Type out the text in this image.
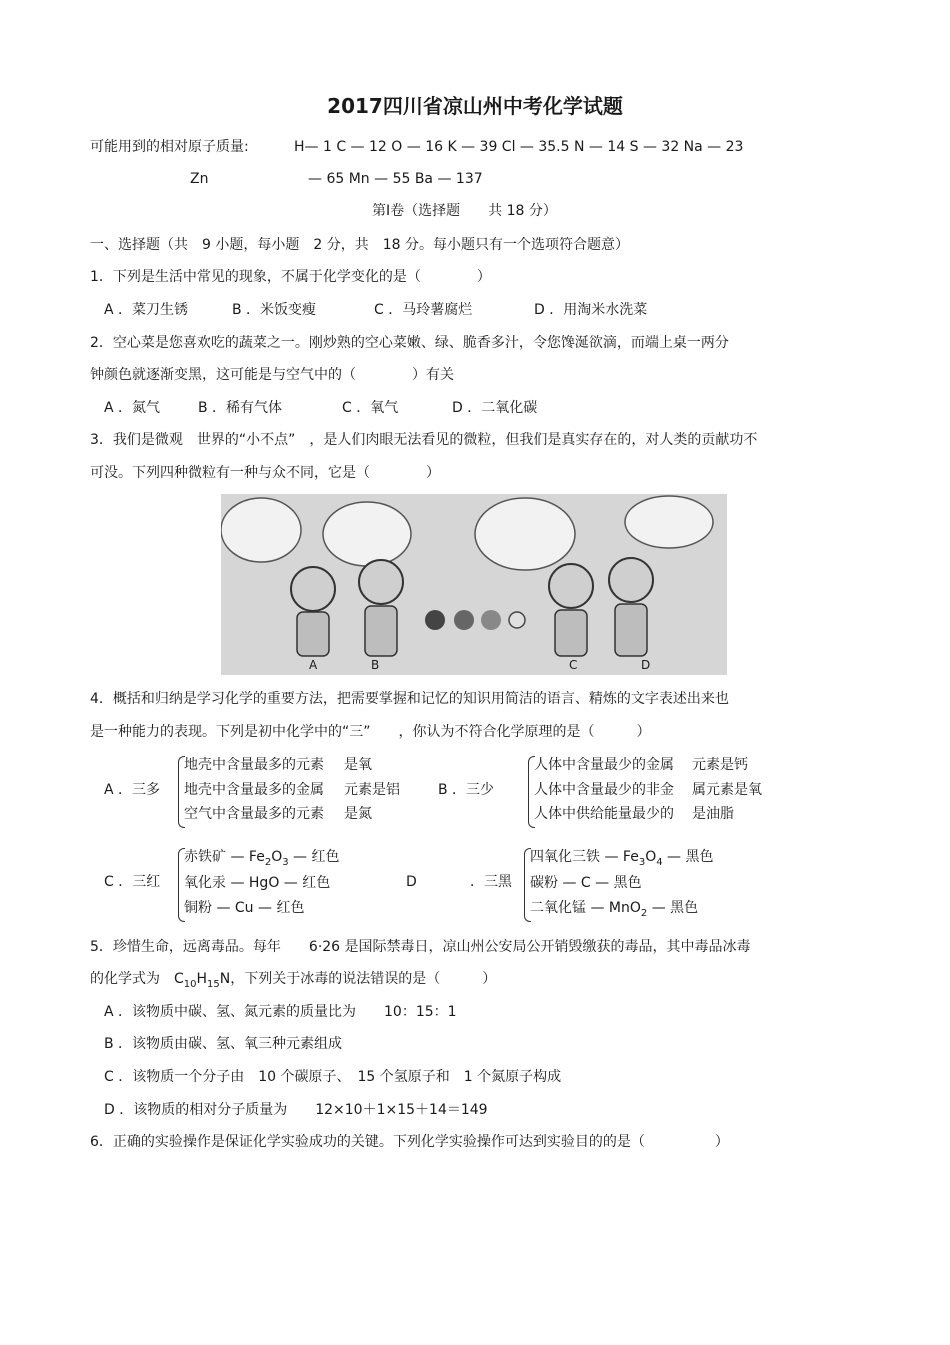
2017四川省凉山州中考化学试题
可能用到的相对原子质量:	H— 1 C — 12 O — 16 K — 39 Cl — 35.5 N — 14 S — 32 Na — 23
Zn	— 65 Mn — 55 Ba — 137
第Ⅰ卷（选择题　　共 18 分）
一、选择题（共　9 小题，每小题　2 分，共　18 分。每小题只有一个选项符合题意）
1．下列是生活中常见的现象，不属于化学变化的是（　　　　）
A ．菜刀生锈	B ．米饭变瘦	C ．马玲薯腐烂	D ．用淘米水洗菜
2．空心菜是您喜欢吃的蔬菜之一。刚炒熟的空心菜嫩、绿、脆香多汁，令您馋涎欲滴，而端上桌一两分
钟颜色就逐渐变黑，这可能是与空气中的（　　　　）有关
A ．氮气	B ．稀有气体	C ．氧气	D ．二氧化碳
3．我们是微观　世界的“小不点”　，是人们肉眼无法看见的微粒，但我们是真实存在的，对人类的贡献功不
可没。下列四种微粒有一种与众不同，它是（　　　　）
A	B	C	D
4．概括和归纳是学习化学的重要方法，把需要掌握和记忆的知识用简洁的语言、精炼的文字表述出来也
是一种能力的表现。下列是初中化学中的“三”　　，你认为不符合化学原理的是（　　　）
A ．三多
地壳中含量最多的元素 是氧
地壳中含量最多的金属 元素是铝
空气中含量最多的元素 是氮
B ．三少
人体中含量最少的金属 元素是钙
人体中含量最少的非金 属元素是氧
人体中供给能量最少的 是油脂
C ．三红
赤铁矿 — $Fe_2O_3$ — 红色
氧化汞 — HgO — 红色
铜粉 — Cu — 红色
D	．三黑
四氧化三铁 — $Fe_3O_4$ — 黑色
碳粉 — C — 黑色
二氧化锰 — MnO$_2$ — 黑色
5．珍惜生命，远离毒品。每年　　6·26 是国际禁毒日，凉山州公安局公开销毁缴获的毒品，其中毒品冰毒
的化学式为　$C_{10}H_{15}N$，下列关于冰毒的说法错误的是（　　　）
A ．该物质中碳、氢、氮元素的质量比为　　10：15：1
B ．该物质由碳、氢、氧三种元素组成
C ．该物质一个分子由　10 个碳原子、　15 个氢原子和　1 个氮原子构成
D ．该物质的相对分子质量为　　12×10＋1×15＋14＝149
6．正确的实验操作是保证化学实验成功的关键。下列化学实验操作可达到实验目的的是（　　　　　）
